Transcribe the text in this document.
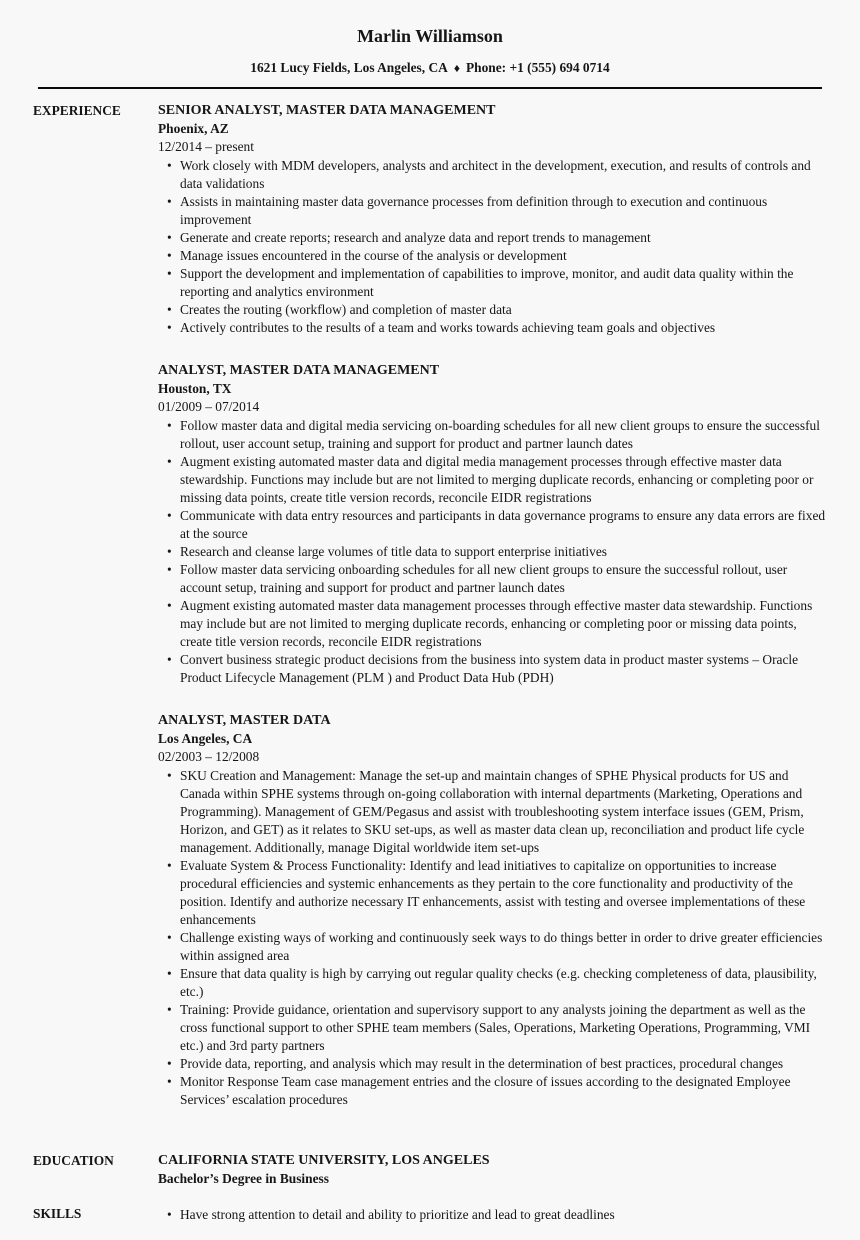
Marlin Williamson
1621 Lucy Fields, Los Angeles, CA ♦ Phone: +1 (555) 694 0714
EXPERIENCE	SENIOR ANALYST, MASTER DATA MANAGEMENT
Phoenix, AZ
12/2014 – present
• Work closely with MDM developers, analysts and architect in the development, execution, and results of controls and data validations
• Assists in maintaining master data governance processes from definition through to execution and continuous improvement
• Generate and create reports; research and analyze data and report trends to management
• Manage issues encountered in the course of the analysis or development
• Support the development and implementation of capabilities to improve, monitor, and audit data quality within the reporting and analytics environment
• Creates the routing (workflow) and completion of master data
• Actively contributes to the results of a team and works towards achieving team goals and objectives
ANALYST, MASTER DATA MANAGEMENT
Houston, TX
01/2009 – 07/2014
• Follow master data and digital media servicing on-boarding schedules for all new client groups to ensure the successful rollout, user account setup, training and support for product and partner launch dates
• Augment existing automated master data and digital media management processes through effective master data stewardship. Functions may include but are not limited to merging duplicate records, enhancing or completing poor or missing data points, create title version records, reconcile EIDR registrations
• Communicate with data entry resources and participants in data governance programs to ensure any data errors are fixed at the source
• Research and cleanse large volumes of title data to support enterprise initiatives
• Follow master data servicing onboarding schedules for all new client groups to ensure the successful rollout, user account setup, training and support for product and partner launch dates
• Augment existing automated master data management processes through effective master data stewardship. Functions may include but are not limited to merging duplicate records, enhancing or completing poor or missing data points, create title version records, reconcile EIDR registrations
• Convert business strategic product decisions from the business into system data in product master systems – Oracle Product Lifecycle Management (PLM ) and Product Data Hub (PDH)
ANALYST, MASTER DATA
Los Angeles, CA
02/2003 – 12/2008
• SKU Creation and Management: Manage the set-up and maintain changes of SPHE Physical products for US and Canada within SPHE systems through on-going collaboration with internal departments (Marketing, Operations and Programming). Management of GEM/Pegasus and assist with troubleshooting system interface issues (GEM, Prism, Horizon, and GET) as it relates to SKU set-ups, as well as master data clean up, reconciliation and product life cycle management. Additionally, manage Digital worldwide item set-ups
• Evaluate System & Process Functionality: Identify and lead initiatives to capitalize on opportunities to increase procedural efficiencies and systemic enhancements as they pertain to the core functionality and productivity of the position. Identify and authorize necessary IT enhancements, assist with testing and oversee implementations of these enhancements
• Challenge existing ways of working and continuously seek ways to do things better in order to drive greater efficiencies within assigned area
• Ensure that data quality is high by carrying out regular quality checks (e.g. checking completeness of data, plausibility, etc.)
• Training: Provide guidance, orientation and supervisory support to any analysts joining the department as well as the cross functional support to other SPHE team members (Sales, Operations, Marketing Operations, Programming, VMI etc.) and 3rd party partners
• Provide data, reporting, and analysis which may result in the determination of best practices, procedural changes
• Monitor Response Team case management entries and the closure of issues according to the designated Employee Services’ escalation procedures
EDUCATION	CALIFORNIA STATE UNIVERSITY, LOS ANGELES
Bachelor’s Degree in Business
SKILLS	• Have strong attention to detail and ability to prioritize and lead to great deadlines
